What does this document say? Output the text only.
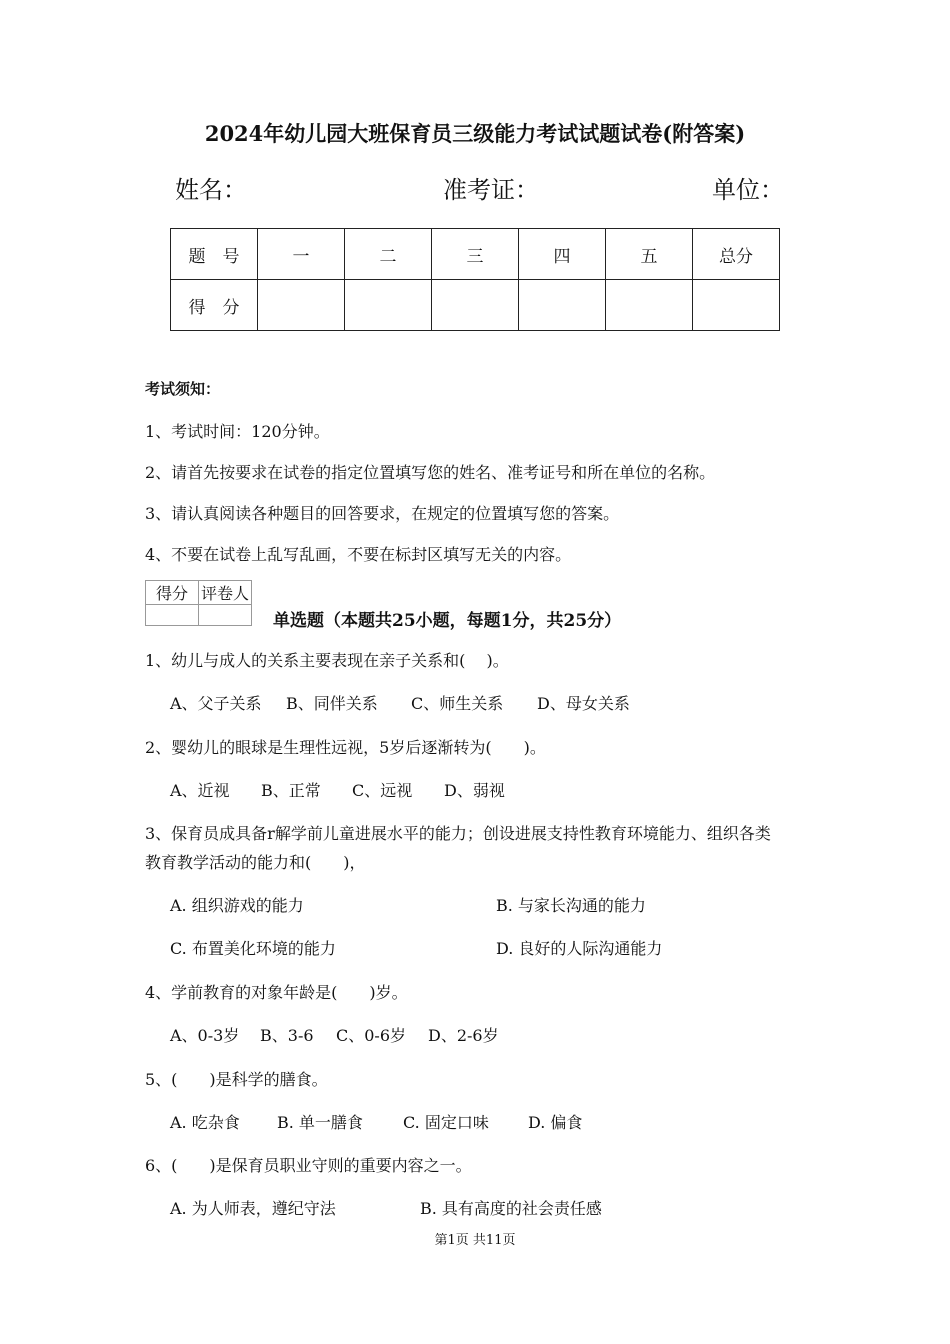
2024年幼儿园大班保育员三级能力考试试题试卷(附答案)
姓名：	准考证：	单位：
题　号	一	二	三	四	五	总分
得　分						
考试须知：
1、考试时间：120分钟。
2、请首先按要求在试卷的指定位置填写您的姓名、准考证号和所在单位的名称。
3、请认真阅读各种题目的回答要求，在规定的位置填写您的答案。
4、不要在试卷上乱写乱画，不要在标封区填写无关的内容。
得分	评卷人

单选题（本题共25小题，每题1分，共25分）
1、幼儿与成人的关系主要表现在亲子关系和(　 )。
A、父子关系 B、同伴关系 C、师生关系 D、母女关系
2、婴幼儿的眼球是生理性远视，5岁后逐渐转为(　　)。
A、近视 B、正常 C、远视 D、弱视
3、保育员成具备r解学前儿童进展水平的能力；创设进展支持性教育环境能力、组织各类
教育教学活动的能力和(　　)，
A. 组织游戏的能力	B. 与家长沟通的能力
C. 布置美化环境的能力	D. 良好的人际沟通能力
4、学前教育的对象年龄是(　　)岁。
A、0-3岁 B、3-6 C、0-6岁 D、2-6岁
5、(　　)是科学的膳食。
A. 吃杂食 B. 单一膳食	C. 固定口味 D. 偏食
6、(　　)是保育员职业守则的重要内容之一。
A. 为人师表，遵纪守法	B. 具有高度的社会责任感
第1页 共11页
